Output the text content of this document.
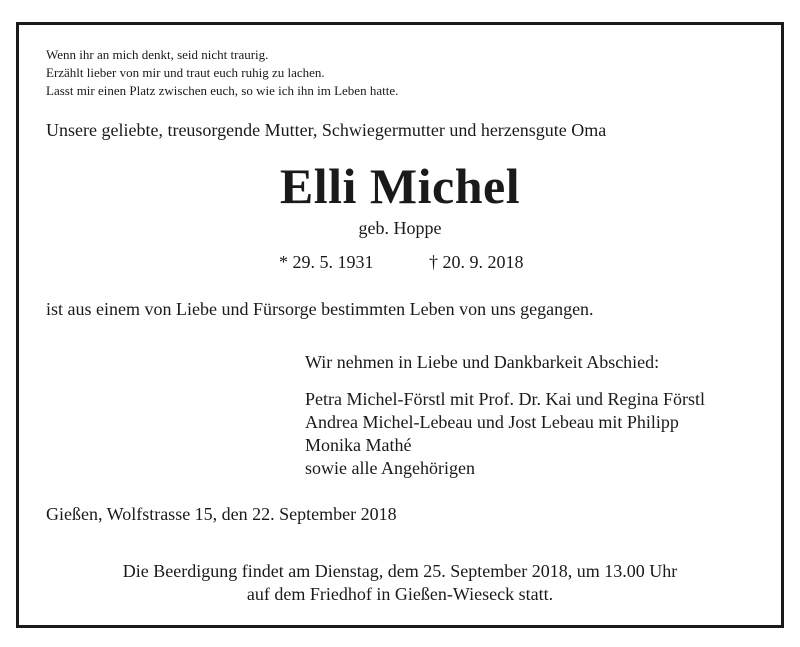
Wenn ihr an mich denkt, seid nicht traurig.
Erzählt lieber von mir und traut euch ruhig zu lachen.
Lasst mir einen Platz zwischen euch, so wie ich ihn im Leben hatte.
Unsere geliebte, treusorgende Mutter, Schwiegermutter und herzensgute Oma
Elli Michel
geb. Hoppe
* 29. 5. 1931	† 20. 9. 2018
ist aus einem von Liebe und Fürsorge bestimmten Leben von uns gegangen.
Wir nehmen in Liebe und Dankbarkeit Abschied:
Petra Michel-Förstl mit Prof. Dr. Kai und Regina Förstl
Andrea Michel-Lebeau und Jost Lebeau mit Philipp
Monika Mathé
sowie alle Angehörigen
Gießen, Wolfstrasse 15, den 22. September 2018
Die Beerdigung findet am Dienstag, dem 25. September 2018, um 13.00 Uhr
auf dem Friedhof in Gießen-Wieseck statt.
